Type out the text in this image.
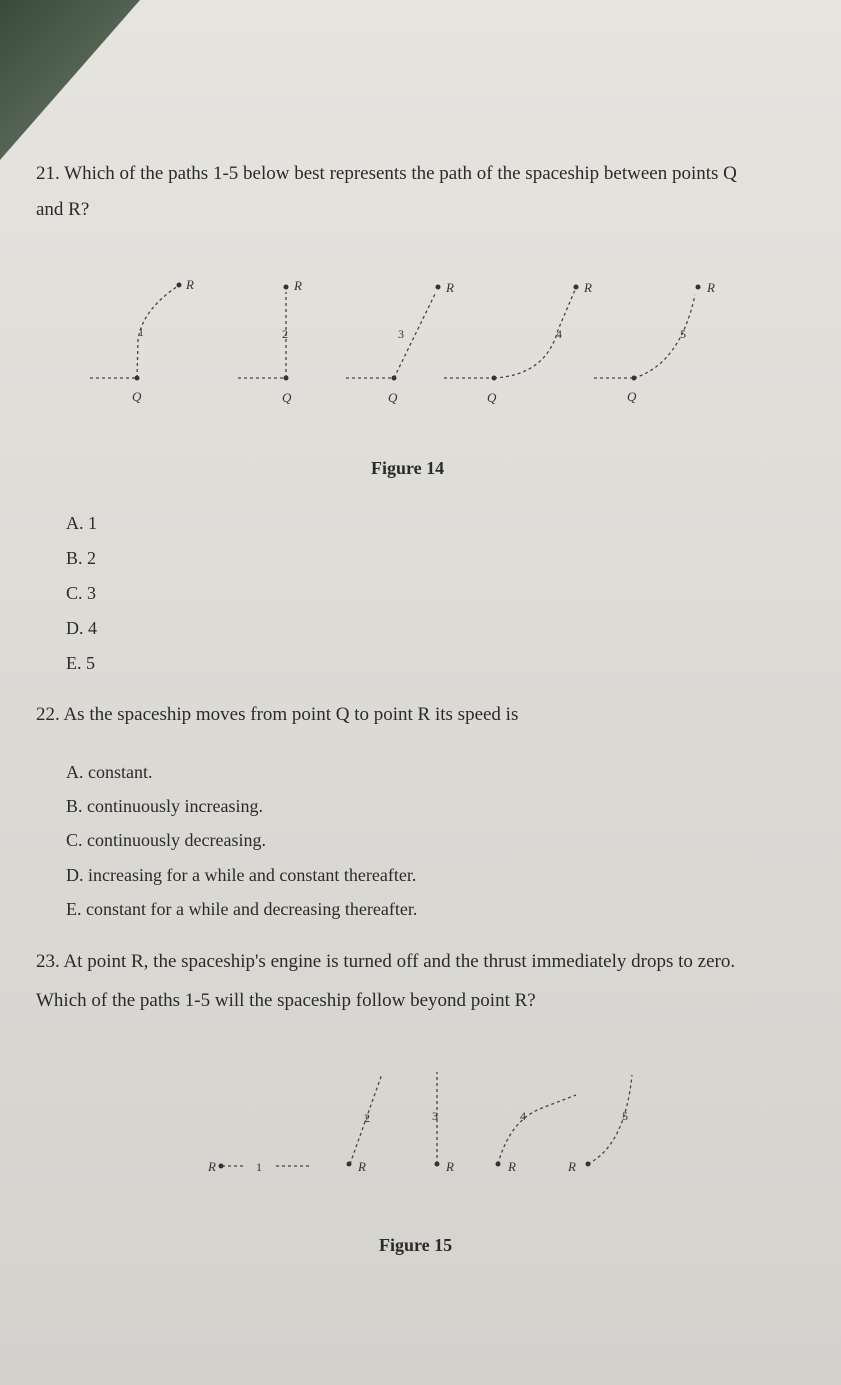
21. Which of the paths 1-5 below best represents the path of the spaceship between points Q
and R?
R	R	R	R	R
Q	Q	Q	Q	Q
1	2	3	4	5
Figure 14
A. 1
B. 2
C. 3
D. 4
E. 5
22. As the spaceship moves from point Q to point R its speed is
A. constant.
B. continuously increasing.
C. continuously decreasing.
D. increasing for a while and constant thereafter.
E. constant for a while and decreasing thereafter.
23. At point R, the spaceship's engine is turned off and the thrust immediately drops to zero.
Which of the paths 1-5 will the spaceship follow beyond point R?
R	R	R	R	R
1
2	3	4	5
Figure 15
